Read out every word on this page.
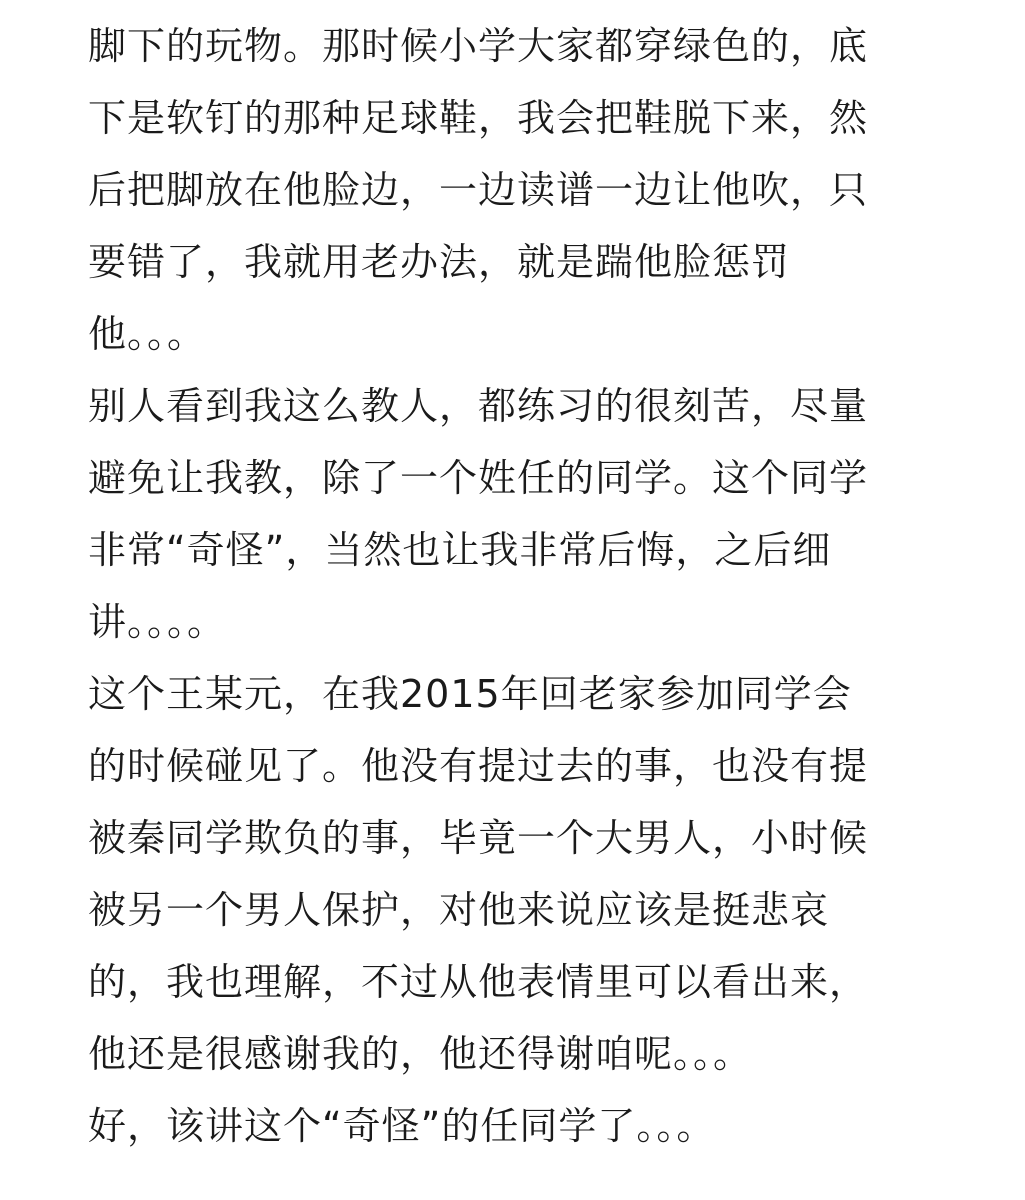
脚下的玩物。那时候小学大家都穿绿色的，底
下是软钉的那种足球鞋，我会把鞋脱下来，然
后把脚放在他脸边，一边读谱一边让他吹，只
要错了，我就用老办法，就是踹他脸惩罚
他。。。
别人看到我这么教人，都练习的很刻苦，尽量
避免让我教，除了一个姓任的同学。这个同学
非常“奇怪”，当然也让我非常后悔，之后细
讲。。。。
这个王某元，在我2015年回老家参加同学会
的时候碰见了。他没有提过去的事，也没有提
被秦同学欺负的事，毕竟一个大男人，小时候
被另一个男人保护，对他来说应该是挺悲哀
的，我也理解，不过从他表情里可以看出来，
他还是很感谢我的，他还得谢咱呢。。。
好，该讲这个“奇怪”的任同学了。。。
